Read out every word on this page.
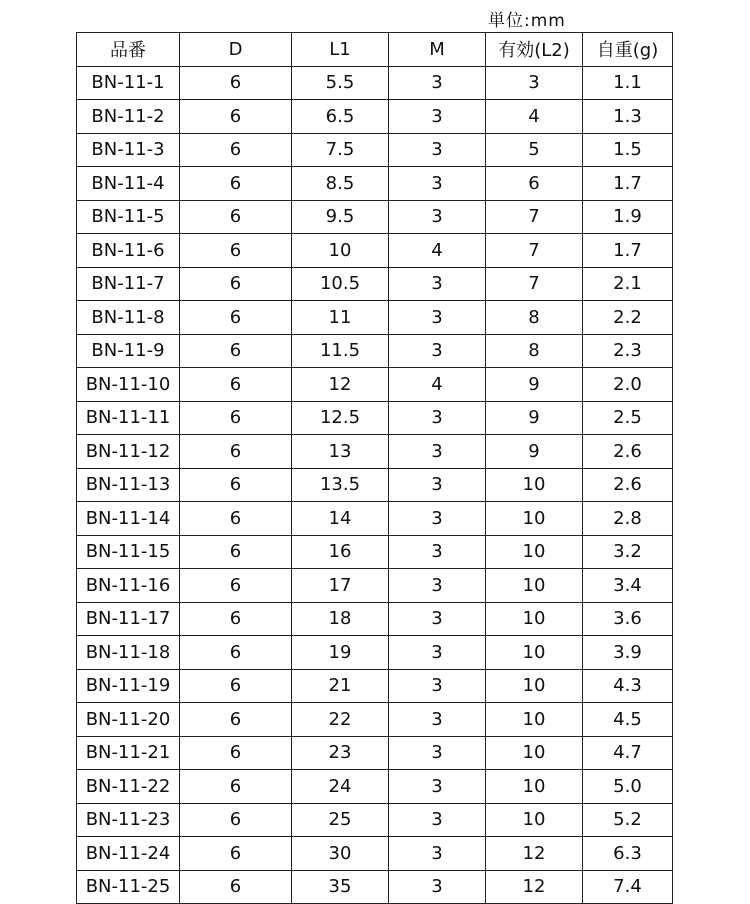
単位:mm
品番	D	L1	M	有効(L2)	自重(g)
BN-11-1	6	5.5	3	3	1.1
BN-11-2	6	6.5	3	4	1.3
BN-11-3	6	7.5	3	5	1.5
BN-11-4	6	8.5	3	6	1.7
BN-11-5	6	9.5	3	7	1.9
BN-11-6	6	10	4	7	1.7
BN-11-7	6	10.5	3	7	2.1
BN-11-8	6	11	3	8	2.2
BN-11-9	6	11.5	3	8	2.3
BN-11-10	6	12	4	9	2.0
BN-11-11	6	12.5	3	9	2.5
BN-11-12	6	13	3	9	2.6
BN-11-13	6	13.5	3	10	2.6
BN-11-14	6	14	3	10	2.8
BN-11-15	6	16	3	10	3.2
BN-11-16	6	17	3	10	3.4
BN-11-17	6	18	3	10	3.6
BN-11-18	6	19	3	10	3.9
BN-11-19	6	21	3	10	4.3
BN-11-20	6	22	3	10	4.5
BN-11-21	6	23	3	10	4.7
BN-11-22	6	24	3	10	5.0
BN-11-23	6	25	3	10	5.2
BN-11-24	6	30	3	12	6.3
BN-11-25	6	35	3	12	7.4
